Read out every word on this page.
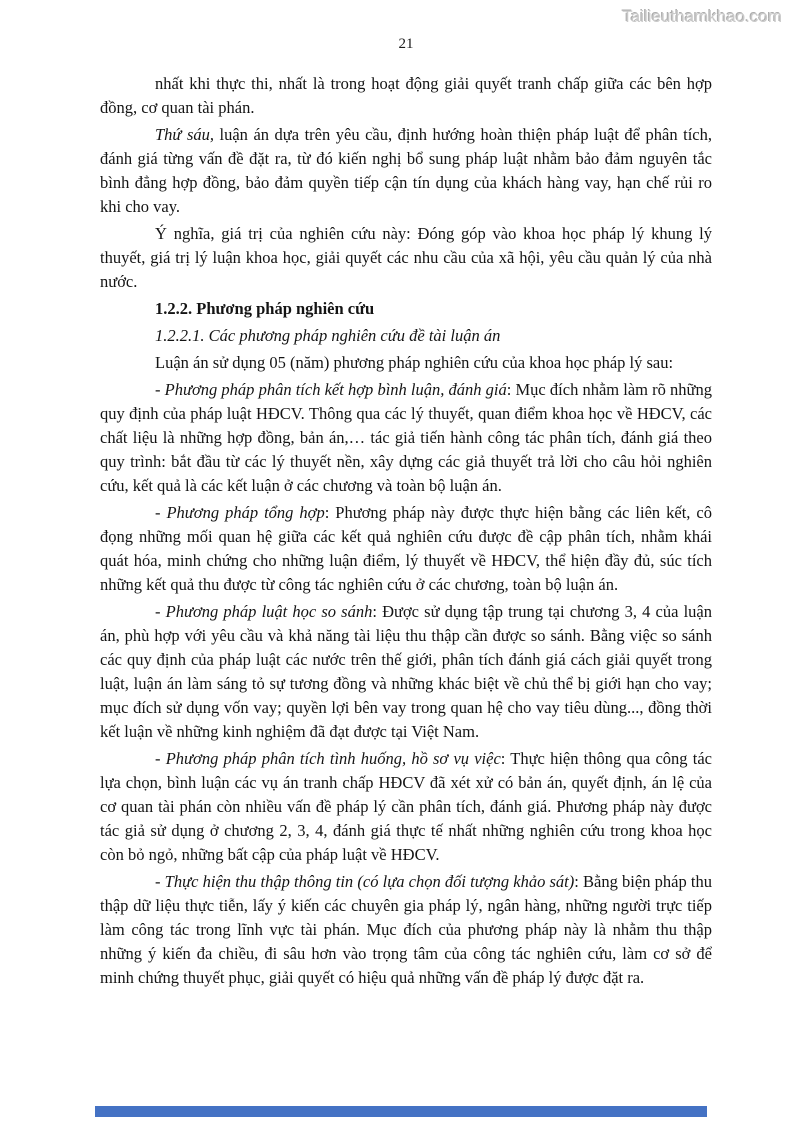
Tailieuthamkhao.com
21

nhất khi thực thi, nhất là trong hoạt động giải quyết tranh chấp giữa các bên hợp đồng, cơ quan tài phán.

Thứ sáu, luận án dựa trên yêu cầu, định hướng hoàn thiện pháp luật để phân tích, đánh giá từng vấn đề đặt ra, từ đó kiến nghị bổ sung pháp luật nhằm bảo đảm nguyên tắc bình đẳng hợp đồng, bảo đảm quyền tiếp cận tín dụng của khách hàng vay, hạn chế rủi ro khi cho vay.

Ý nghĩa, giá trị của nghiên cứu này: Đóng góp vào khoa học pháp lý khung lý thuyết, giá trị lý luận khoa học, giải quyết các nhu cầu của xã hội, yêu cầu quản lý của nhà nước.

1.2.2. Phương pháp nghiên cứu

1.2.2.1. Các phương pháp nghiên cứu đề tài luận án

Luận án sử dụng 05 (năm) phương pháp nghiên cứu của khoa học pháp lý sau:

- Phương pháp phân tích kết hợp bình luận, đánh giá: Mục đích nhằm làm rõ những quy định của pháp luật HĐCV. Thông qua các lý thuyết, quan điểm khoa học về HĐCV, các chất liệu là những hợp đồng, bản án,… tác giả tiến hành công tác phân tích, đánh giá theo quy trình: bắt đầu từ các lý thuyết nền, xây dựng các giả thuyết trả lời cho câu hỏi nghiên cứu, kết quả là các kết luận ở các chương và toàn bộ luận án.

- Phương pháp tổng hợp: Phương pháp này được thực hiện bằng các liên kết, cô đọng những mối quan hệ giữa các kết quả nghiên cứu được đề cập phân tích, nhằm khái quát hóa, minh chứng cho những luận điểm, lý thuyết về HĐCV, thể hiện đầy đủ, súc tích những kết quả thu được từ công tác nghiên cứu ở các chương, toàn bộ luận án.

- Phương pháp luật học so sánh: Được sử dụng tập trung tại chương 3, 4 của luận án, phù hợp với yêu cầu và khả năng tài liệu thu thập cần được so sánh. Bằng việc so sánh các quy định của pháp luật các nước trên thế giới, phân tích đánh giá cách giải quyết trong luật, luận án làm sáng tỏ sự tương đồng và những khác biệt về chủ thể bị giới hạn cho vay; mục đích sử dụng vốn vay; quyền lợi bên vay trong quan hệ cho vay tiêu dùng..., đồng thời kết luận về những kinh nghiệm đã đạt được tại Việt Nam.

- Phương pháp phân tích tình huống, hồ sơ vụ việc: Thực hiện thông qua công tác lựa chọn, bình luận các vụ án tranh chấp HĐCV đã xét xử có bản án, quyết định, án lệ của cơ quan tài phán còn nhiều vấn đề pháp lý cần phân tích, đánh giá. Phương pháp này được tác giả sử dụng ở chương 2, 3, 4, đánh giá thực tế nhất những nghiên cứu trong khoa học còn bỏ ngỏ, những bất cập của pháp luật về HĐCV.

- Thực hiện thu thập thông tin (có lựa chọn đối tượng khảo sát): Bằng biện pháp thu thập dữ liệu thực tiễn, lấy ý kiến các chuyên gia pháp lý, ngân hàng, những người trực tiếp làm công tác trong lĩnh vực tài phán. Mục đích của phương pháp này là nhằm thu thập những ý kiến đa chiều, đi sâu hơn vào trọng tâm của công tác nghiên cứu, làm cơ sở để minh chứng thuyết phục, giải quyết có hiệu quả những vấn đề pháp lý được đặt ra.
